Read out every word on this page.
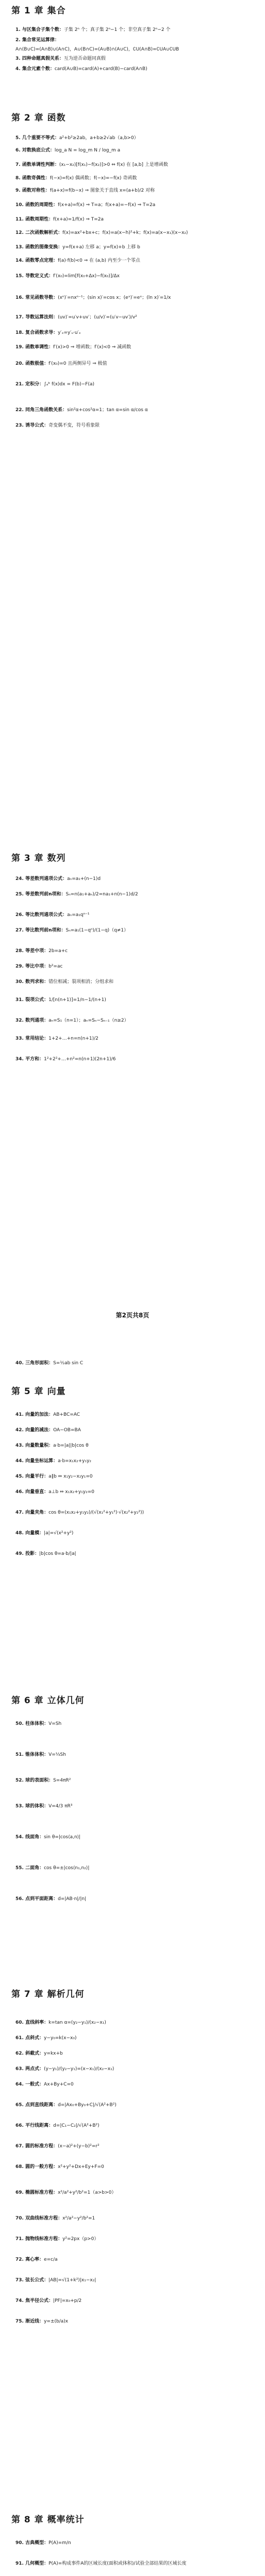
第 1 章 集合
第 2 章 函数
第 3 章 数列
第2页共8页
第 5 章 向量
第 6 章 立体几何
第 7 章 解析几何
第 8 章 概率统计
1. 与区集合子集个数：子集 2ⁿ 个；真子集 2ⁿ−1 个；非空真子集 2ⁿ−2 个
2. 集合常见运算律：
A∩(B∪C)=(A∩B)∪(A∩C)，A∪(B∩C)=(A∪B)∩(A∪C)，∁U(A∩B)=∁UA∪∁UB
3. 四种命题真假关系：互为逆否命题同真假
4. 集合元素个数：card(A∪B)=card(A)+card(B)−card(A∩B)
5. 几个重要不等式：a²+b²≥2ab，a+b≥2√ab（a,b>0）
6. 对数换底公式：log_a N = log_m N / log_m a
7. 函数单调性判断：(x₁−x₂)[f(x₁)−f(x₂)]>0 ⇔ f(x) 在 [a,b] 上是增函数
8. 函数奇偶性：f(−x)=f(x) 偶函数；f(−x)=−f(x) 奇函数
9. 函数对称性：f(a+x)=f(b−x) ⇒ 图象关于直线 x=(a+b)/2 对称
10. 函数的周期性：f(x+a)=f(x) ⇒ T=a；f(x+a)=−f(x) ⇒ T=2a
11. 函数周期性：f(x+a)=1/f(x) ⇒ T=2a
12. 二次函数解析式：f(x)=ax²+bx+c；f(x)=a(x−h)²+k；f(x)=a(x−x₁)(x−x₂)
13. 函数的图像变换：y=f(x+a) 左移 a；y=f(x)+b 上移 b
14. 函数零点定理：f(a)·f(b)<0 ⇒ 在 (a,b) 内至少一个零点
15. 导数定义式：f′(x₀)=lim[f(x₀+Δx)−f(x₀)]/Δx
16. 常见函数导数：(xⁿ)′=nxⁿ⁻¹；(sin x)′=cos x；(eˣ)′=eˣ；(ln x)′=1/x
17. 导数运算法则：(uv)′=u′v+uv′；(u/v)′=(u′v−uv′)/v²
18. 复合函数求导：y′ₓ=y′ᵤ·u′ₓ
19. 函数单调性：f′(x)>0 ⇒ 增函数；f′(x)<0 ⇒ 减函数
20. 函数极值：f′(x₀)=0 且两侧异号 ⇒ 极值
21. 定积分：∫ₐᵇ f(x)dx = F(b)−F(a)
22. 同角三角函数关系：sin²α+cos²α=1；tan α=sin α/cos α
23. 诱导公式：奇变偶不变，符号看象限
24. 等差数列通项公式：aₙ=a₁+(n−1)d
25. 等差数列前n项和：Sₙ=n(a₁+aₙ)/2=na₁+n(n−1)d/2
26. 等比数列通项公式：aₙ=a₁qⁿ⁻¹
27. 等比数列前n项和：Sₙ=a₁(1−qⁿ)/(1−q)（q≠1）
28. 等差中项：2b=a+c
29. 等比中项：b²=ac
30. 数列求和：错位相减；裂项相消；分组求和
31. 裂项公式：1/[n(n+1)]=1/n−1/(n+1)
32. 数列通项：aₙ=S₁（n=1）；aₙ=Sₙ−Sₙ₋₁（n≥2）
33. 常用结论：1+2+…+n=n(n+1)/2
34. 平方和：1²+2²+…+n²=n(n+1)(2n+1)/6
40. 三角形面积：S=½ab sin C
41. 向量的加法：AB+BC=AC
42. 向量的减法：OA−OB=BA
43. 向量数量积：a·b=|a||b|cos θ
44. 向量坐标运算：a·b=x₁x₂+y₁y₂
45. 向量平行：a∥b ⇔ x₁y₂−x₂y₁=0
46. 向量垂直：a⊥b ⇔ x₁x₂+y₁y₂=0
47. 向量夹角：cos θ=(x₁x₂+y₁y₂)/(√(x₁²+y₁²)·√(x₂²+y₂²))
48. 向量模：|a|=√(x²+y²)
49. 投影：|b|cos θ=a·b/|a|
50. 柱体体积：V=Sh
51. 锥体体积：V=⅓Sh
52. 球的表面积：S=4πR²
53. 球的体积：V=4/3 πR³
54. 线面角：sin θ=|cos⟨a,n⟩|
55. 二面角：cos θ=±|cos⟨n₁,n₂⟩|
56. 点到平面距离：d=|AB·n|/|n|
60. 直线斜率：k=tan α=(y₂−y₁)/(x₂−x₁)
61. 点斜式：y−y₀=k(x−x₀)
62. 斜截式：y=kx+b
63. 两点式：(y−y₁)/(y₂−y₁)=(x−x₁)/(x₂−x₁)
64. 一般式：Ax+By+C=0
65. 点到直线距离：d=|Ax₀+By₀+C|/√(A²+B²)
66. 平行线距离：d=|C₁−C₂|/√(A²+B²)
67. 圆的标准方程：(x−a)²+(y−b)²=r²
68. 圆的一般方程：x²+y²+Dx+Ey+F=0
69. 椭圆标准方程：x²/a²+y²/b²=1（a>b>0）
70. 双曲线标准方程：x²/a²−y²/b²=1
71. 抛物线标准方程：y²=2px（p>0）
72. 离心率：e=c/a
73. 弦长公式：|AB|=√(1+k²)|x₁−x₂|
74. 焦半径公式：|PF|=x₀+p/2
75. 渐近线：y=±(b/a)x
90. 古典概型：P(A)=m/n
91. 几何概型：P(A)=构成事件A的区域长度(面积或体积)/试验全部结果的区域长度
